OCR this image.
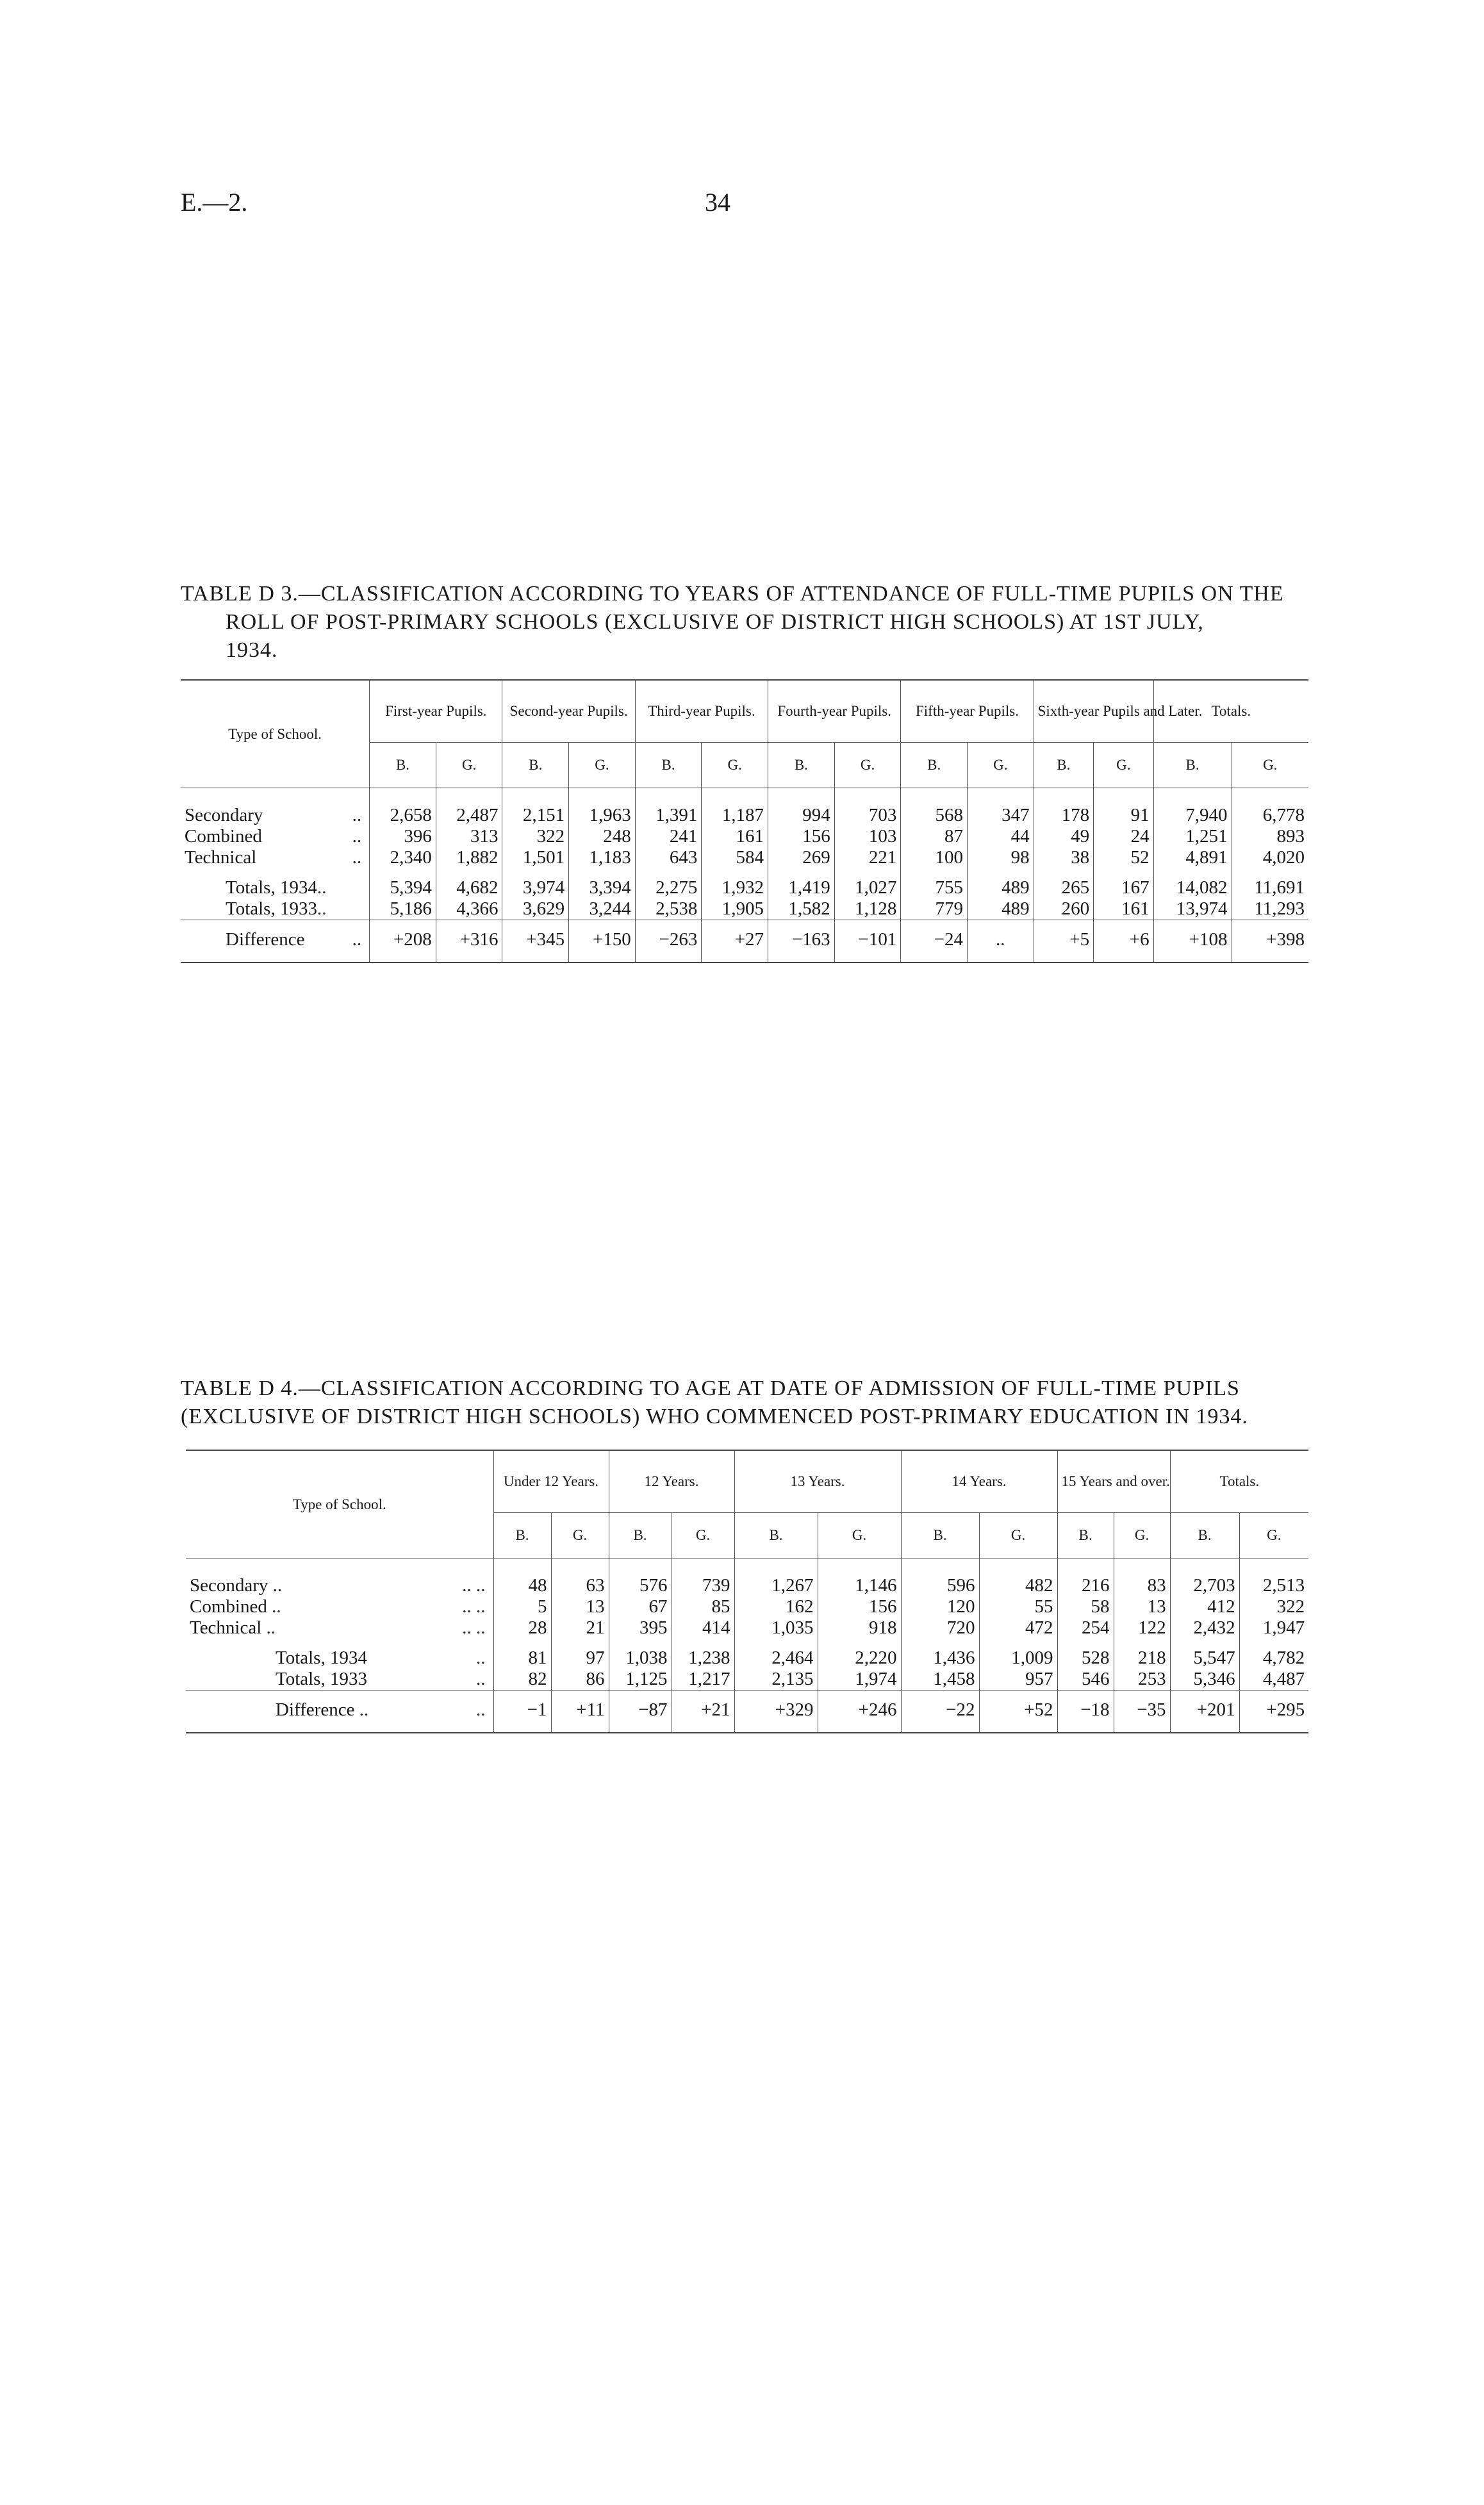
E.—2.	34
TABLE D 3.—CLASSIFICATION ACCORDING TO YEARS OF ATTENDANCE OF FULL-TIME PUPILS ON THE
ROLL OF POST-PRIMARY SCHOOLS (EXCLUSIVE OF DISTRICT HIGH SCHOOLS) AT 1ST JULY,
1934.
Type of School.	First-year Pupils.		Second-year Pupils.		Third-year Pupils.		Fourth-year Pupils.		Fifth-year Pupils.		Sixth-year Pupils and Later.		Totals.	
	B.	G.	B.	G.	B.	G.	B.	G.	B.	G.	B.	G.	B.	G.
Secondary ..	2,658	2,487	2,151	1,963	1,391	1,187	994	703	568	347	178	91	7,940	6,778
Combined ..	396	313	322	248	241	161	156	103	87	44	49	24	1,251	893
Technical ..	2,340	1,882	1,501	1,183	643	584	269	221	100	98	38	52	4,891	4,020
Totals, 1934..	5,394	4,682	3,974	3,394	2,275	1,932	1,419	1,027	755	489	265	167	14,082	11,691
Totals, 1933..	5,186	4,366	3,629	3,244	2,538	1,905	1,582	1,128	779	489	260	161	13,974	11,293
Difference ..	+208	+316	+345	+150	−263	+27	−163	−101	−24	..	+5	+6	+108	+398
TABLE D 4.—CLASSIFICATION ACCORDING TO AGE AT DATE OF ADMISSION OF FULL-TIME PUPILS
(EXCLUSIVE OF DISTRICT HIGH SCHOOLS) WHO COMMENCED POST-PRIMARY EDUCATION IN 1934.
Type of School.	Under 12 Years.		12 Years.		13 Years.		14 Years.		15 Years and over.		Totals.	
	B.	G.	B.	G.	B.	G.	B.	G.	B.	G.	B.	G.
Secondary .. .. ..	48	63	576	739	1,267	1,146	596	482	216	83	2,703	2,513
Combined .. .. ..	5	13	67	85	162	156	120	55	58	13	412	322
Technical .. .. ..	28	21	395	414	1,035	918	720	472	254	122	2,432	1,947
Totals, 1934 ..	81	97	1,038	1,238	2,464	2,220	1,436	1,009	528	218	5,547	4,782
Totals, 1933 ..	82	86	1,125	1,217	2,135	1,974	1,458	957	546	253	5,346	4,487
Difference .. ..	−1	+11	−87	+21	+329	+246	−22	+52	−18	−35	+201	+295
